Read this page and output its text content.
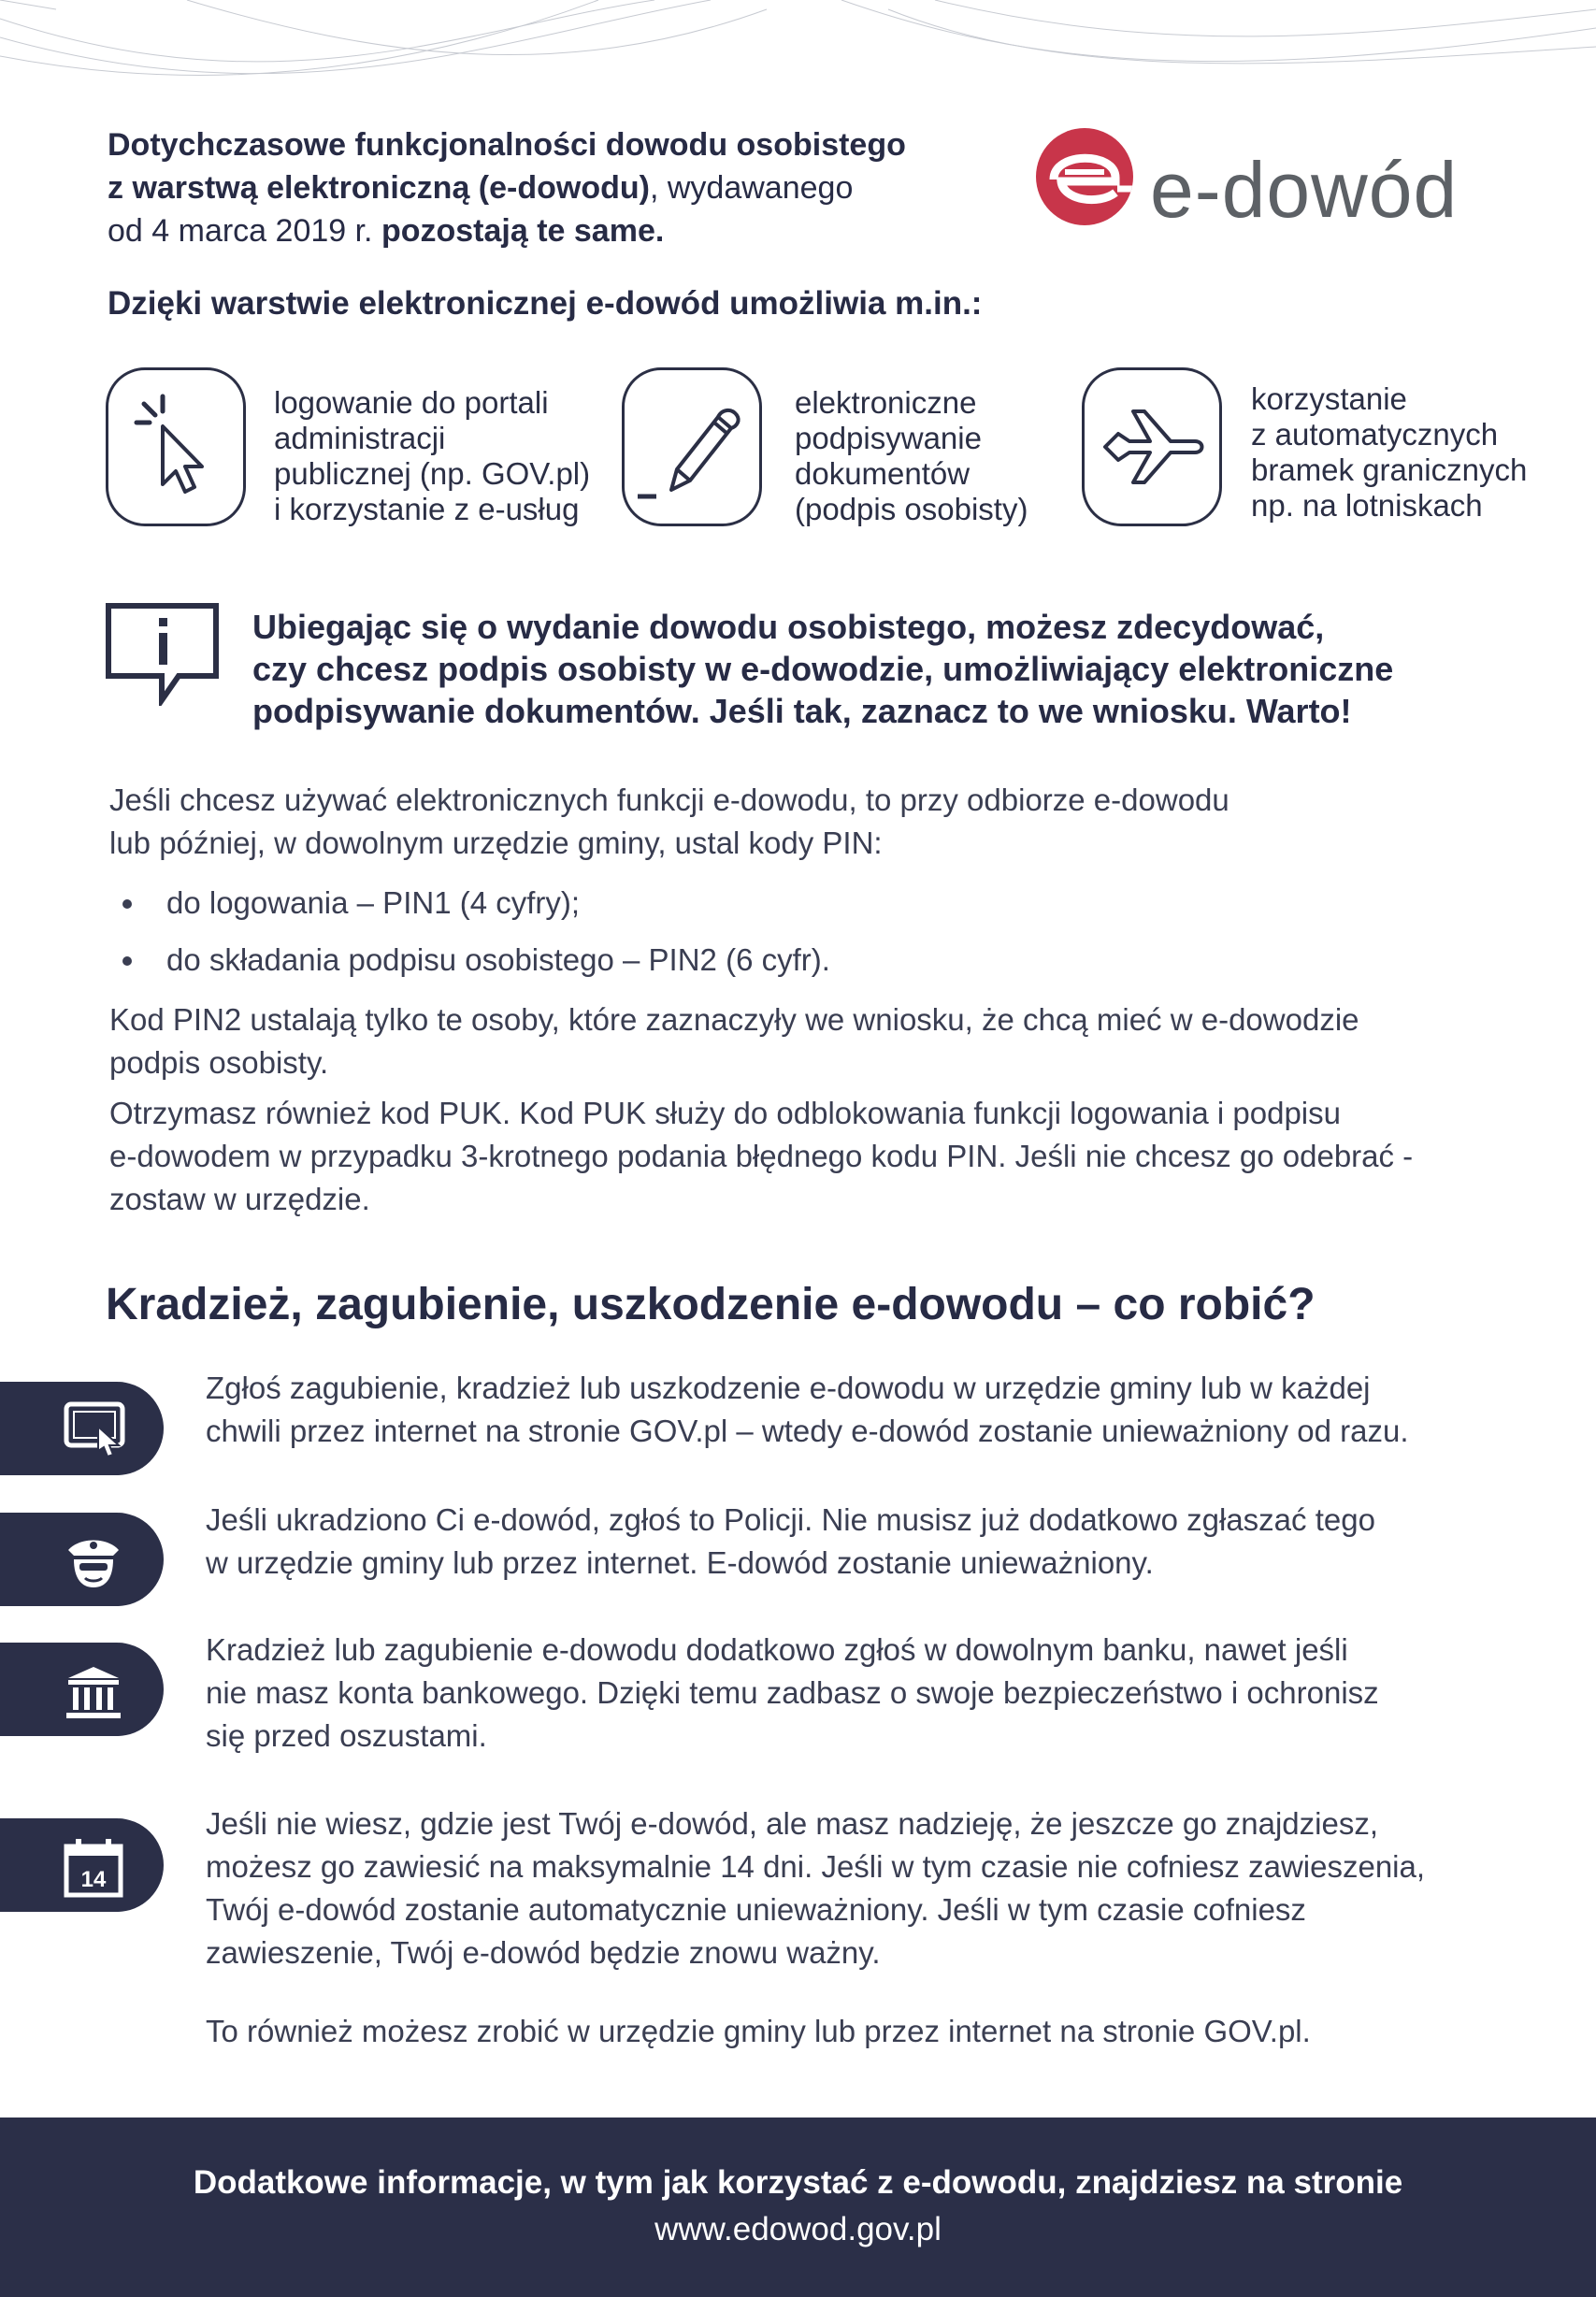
Dotychczasowe funkcjonalności dowodu osobistego
z warstwą elektroniczną (e-dowodu), wydawanego
od 4 marca 2019 r. pozostają te same.	e-dowód
Dzięki warstwie elektronicznej e-dowód umożliwia m.in.:
logowanie do portali
administracji
publicznej (np. GOV.pl)
i korzystanie z e-usług
elektroniczne
podpisywanie
dokumentów
(podpis osobisty)
korzystanie
z automatycznych
bramek granicznych
np. na lotniskach
Ubiegając się o wydanie dowodu osobistego, możesz zdecydować,
czy chcesz podpis osobisty w e-dowodzie, umożliwiający elektroniczne
podpisywanie dokumentów. Jeśli tak, zaznacz to we wniosku. Warto!
Jeśli chcesz używać elektronicznych funkcji e-dowodu, to przy odbiorze e-dowodu
lub później, w dowolnym urzędzie gminy, ustal kody PIN:
do logowania – PIN1 (4 cyfry);
do składania podpisu osobistego – PIN2 (6 cyfr).
Kod PIN2 ustalają tylko te osoby, które zaznaczyły we wniosku, że chcą mieć w e-dowodzie
podpis osobisty.
Otrzymasz również kod PUK. Kod PUK służy do odblokowania funkcji logowania i podpisu
e-dowodem w przypadku 3-krotnego podania błędnego kodu PIN. Jeśli nie chcesz go odebrać -
zostaw w urzędzie.
Kradzież, zagubienie, uszkodzenie e-dowodu – co robić?
Zgłoś zagubienie, kradzież lub uszkodzenie e-dowodu w urzędzie gminy lub w każdej
chwili przez internet na stronie GOV.pl – wtedy e-dowód zostanie unieważniony od razu.
Jeśli ukradziono Ci e-dowód, zgłoś to Policji. Nie musisz już dodatkowo zgłaszać tego
w urzędzie gminy lub przez internet. E-dowód zostanie unieważniony.
Kradzież lub zagubienie e-dowodu dodatkowo zgłoś w dowolnym banku, nawet jeśli
nie masz konta bankowego. Dzięki temu zadbasz o swoje bezpieczeństwo i ochronisz
się przed oszustami.
14
Jeśli nie wiesz, gdzie jest Twój e-dowód, ale masz nadzieję, że jeszcze go znajdziesz,
możesz go zawiesić na maksymalnie 14 dni. Jeśli w tym czasie nie cofniesz zawieszenia,
Twój e-dowód zostanie automatycznie unieważniony. Jeśli w tym czasie cofniesz
zawieszenie, Twój e-dowód będzie znowu ważny.
To również możesz zrobić w urzędzie gminy lub przez internet na stronie GOV.pl.
Dodatkowe informacje, w tym jak korzystać z e-dowodu, znajdziesz na stronie
www.edowod.gov.pl
